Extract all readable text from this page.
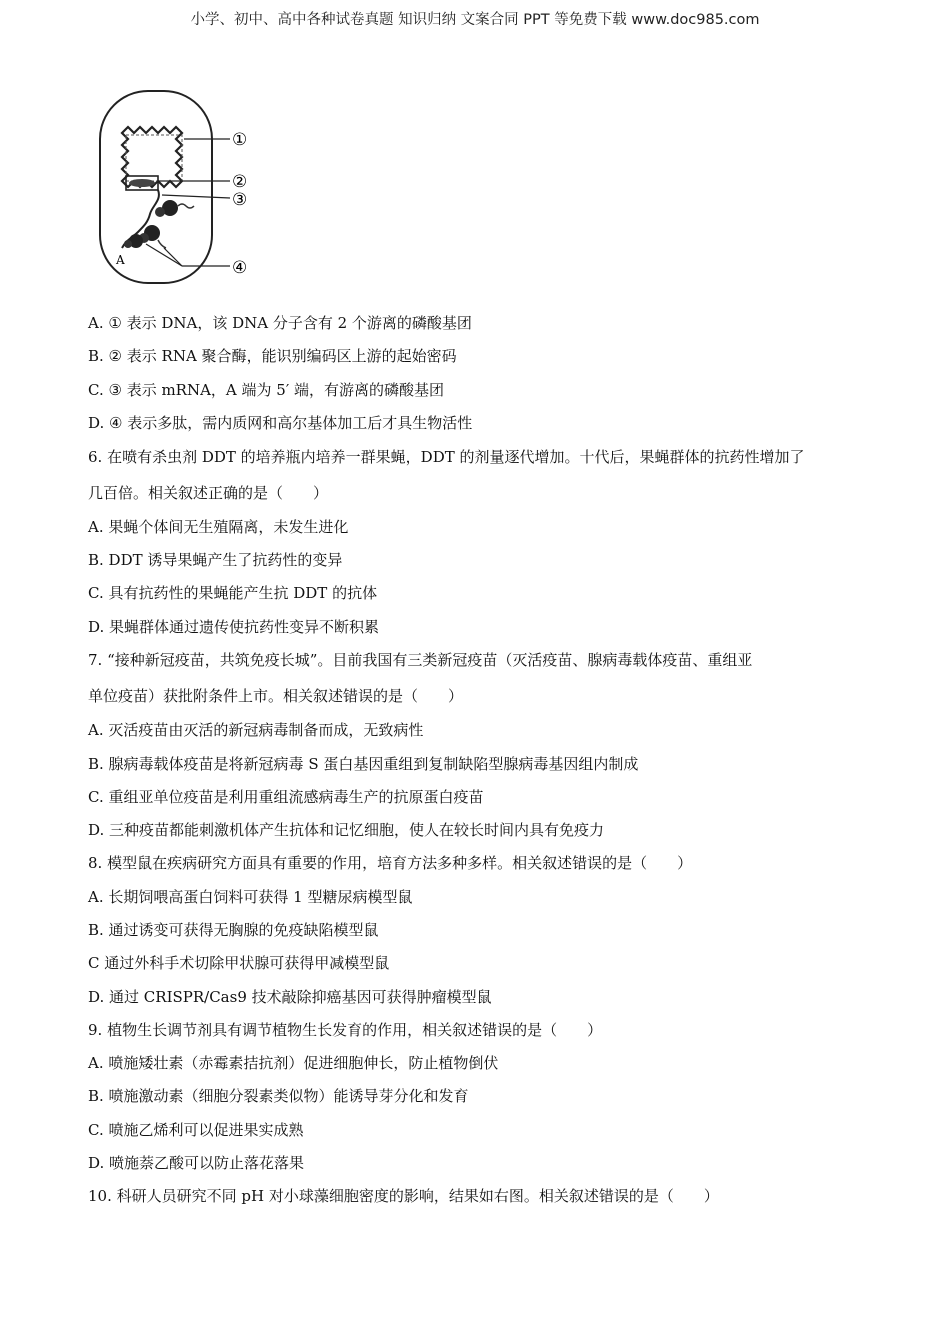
小学、初中、高中各种试卷真题 知识归纳 文案合同 PPT 等免费下载 www.doc985.com
①
②
③
④
A
A. ① 表示 DNA，该 DNA 分子含有 2 个游离的磷酸基团
B. ② 表示 RNA 聚合酶，能识别编码区上游的起始密码
C. ③ 表示 mRNA，A 端为 5′ 端，有游离的磷酸基团
D. ④ 表示多肽，需内质网和高尔基体加工后才具生物活性
6. 在喷有杀虫剂 DDT 的培养瓶内培养一群果蝇，DDT 的剂量逐代增加。十代后，果蝇群体的抗药性增加了
几百倍。相关叙述正确的是（　　）
A. 果蝇个体间无生殖隔离，未发生进化
B. DDT 诱导果蝇产生了抗药性的变异
C. 具有抗药性的果蝇能产生抗 DDT 的抗体
D. 果蝇群体通过遗传使抗药性变异不断积累
7. “接种新冠疫苗，共筑免疫长城”。目前我国有三类新冠疫苗（灭活疫苗、腺病毒载体疫苗、重组亚
单位疫苗）获批附条件上市。相关叙述错误的是（　　）
A. 灭活疫苗由灭活的新冠病毒制备而成，无致病性
B. 腺病毒载体疫苗是将新冠病毒 S 蛋白基因重组到复制缺陷型腺病毒基因组内制成
C. 重组亚单位疫苗是利用重组流感病毒生产的抗原蛋白疫苗
D. 三种疫苗都能刺激机体产生抗体和记忆细胞，使人在较长时间内具有免疫力
8. 模型鼠在疾病研究方面具有重要的作用，培育方法多种多样。相关叙述错误的是（　　）
A. 长期饲喂高蛋白饲料可获得 1 型糖尿病模型鼠
B. 通过诱变可获得无胸腺的免疫缺陷模型鼠
C 通过外科手术切除甲状腺可获得甲减模型鼠
D. 通过 CRISPR/Cas9 技术敲除抑癌基因可获得肿瘤模型鼠
9. 植物生长调节剂具有调节植物生长发育的作用，相关叙述错误的是（　　）
A. 喷施矮壮素（赤霉素拮抗剂）促进细胞伸长，防止植物倒伏
B. 喷施激动素（细胞分裂素类似物）能诱导芽分化和发育
C. 喷施乙烯利可以促进果实成熟
D. 喷施萘乙酸可以防止落花落果
10. 科研人员研究不同 pH 对小球藻细胞密度的影响，结果如右图。相关叙述错误的是（　　）
